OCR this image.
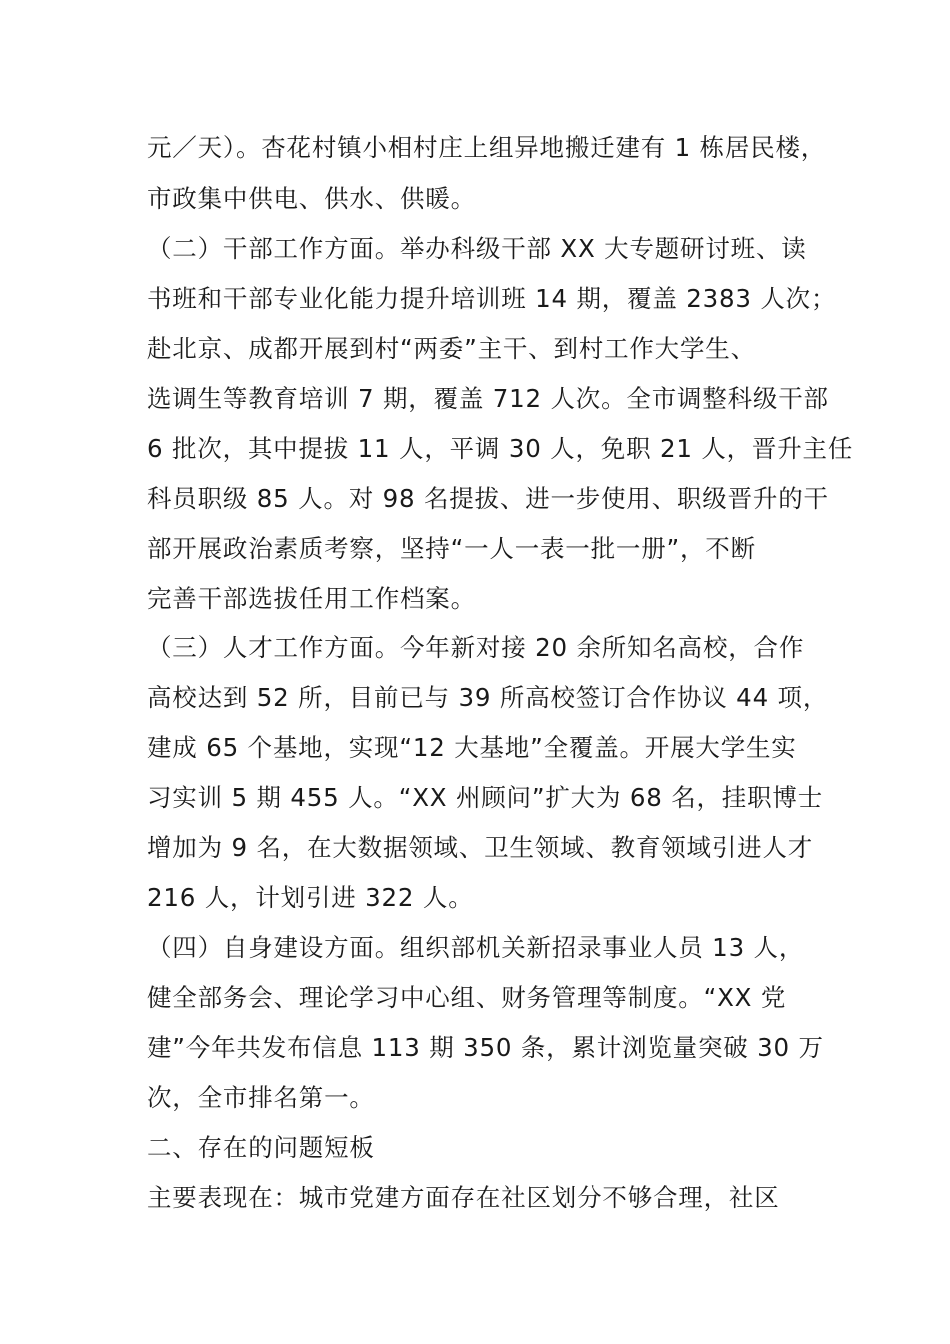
元／天）。杏花村镇小相村庄上组异地搬迁建有 1 栋居民楼，
市政集中供电、供水、供暖。
（二）干部工作方面。举办科级干部 XX 大专题研讨班、读
书班和干部专业化能力提升培训班 14 期，覆盖 2383 人次；
赴北京、成都开展到村“两委”主干、到村工作大学生、
选调生等教育培训 7 期，覆盖 712 人次。全市调整科级干部
6 批次，其中提拔 11 人，平调 30 人，免职 21 人，晋升主任
科员职级 85 人。对 98 名提拔、进一步使用、职级晋升的干
部开展政治素质考察，坚持“一人一表一批一册”，不断
完善干部选拔任用工作档案。
（三）人才工作方面。今年新对接 20 余所知名高校，合作
高校达到 52 所，目前已与 39 所高校签订合作协议 44 项，
建成 65 个基地，实现“12 大基地”全覆盖。开展大学生实
习实训 5 期 455 人。“XX 州顾问”扩大为 68 名，挂职博士
增加为 9 名，在大数据领域、卫生领域、教育领域引进人才
216 人，计划引进 322 人。
（四）自身建设方面。组织部机关新招录事业人员 13 人，
健全部务会、理论学习中心组、财务管理等制度。“XX 党
建”今年共发布信息 113 期 350 条，累计浏览量突破 30 万
次，全市排名第一。
二、存在的问题短板
主要表现在：城市党建方面存在社区划分不够合理，社区
